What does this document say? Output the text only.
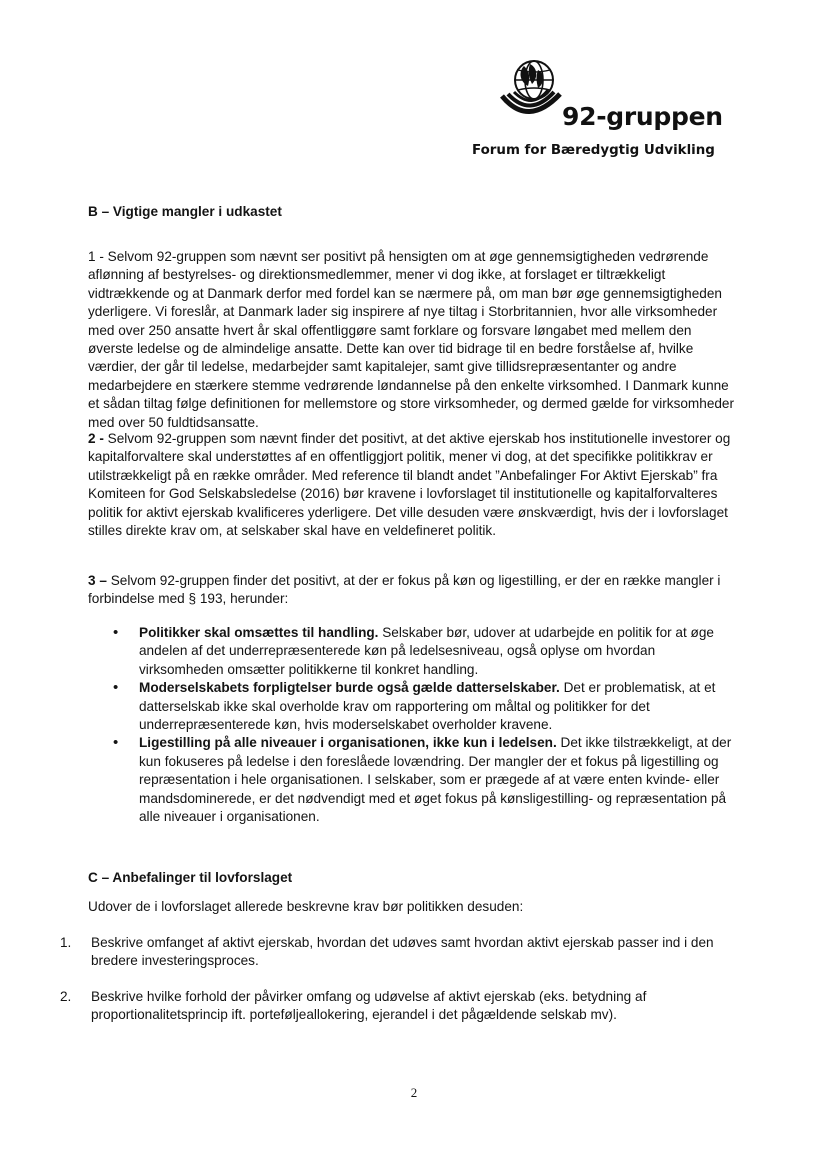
92-gruppen
Forum for Bæredygtig Udvikling
B – Vigtige mangler i udkastet

1 - Selvom 92-gruppen som nævnt ser positivt på hensigten om at øge gennemsigtigheden vedrørende aflønning af bestyrelses- og direktionsmedlemmer, mener vi dog ikke, at forslaget er tiltrækkeligt vidtrækkende og at Danmark derfor med fordel kan se nærmere på, om man bør øge gennemsigtigheden yderligere. Vi foreslår, at Danmark lader sig inspirere af nye tiltag i Storbritannien, hvor alle virksomheder med over 250 ansatte hvert år skal offentliggøre samt forklare og forsvare løngabet med mellem den øverste ledelse og de almindelige ansatte. Dette kan over tid bidrage til en bedre forståelse af, hvilke værdier, der går til ledelse, medarbejder samt kapitalejer, samt give tillidsrepræsentanter og andre medarbejdere en stærkere stemme vedrørende løndannelse på den enkelte virksomhed. I Danmark kunne et sådan tiltag følge definitionen for mellemstore og store virksomheder, og dermed gælde for virksomheder med over 50 fuldtidsansatte.

2 - Selvom 92-gruppen som nævnt finder det positivt, at det aktive ejerskab hos institutionelle investorer og kapitalforvaltere skal understøttes af en offentliggjort politik, mener vi dog, at det specifikke politikkrav er utilstrækkeligt på en række områder. Med reference til blandt andet ”Anbefalinger For Aktivt Ejerskab” fra Komiteen for God Selskabsledelse (2016) bør kravene i lovforslaget til institutionelle og kapitalforvalteres politik for aktivt ejerskab kvalificeres yderligere. Det ville desuden være ønskværdigt, hvis der i lovforslaget stilles direkte krav om, at selskaber skal have en veldefineret politik.

3 – Selvom 92-gruppen finder det positivt, at der er fokus på køn og ligestilling, er der en række mangler i forbindelse med § 193, herunder:

• Politikker skal omsættes til handling. Selskaber bør, udover at udarbejde en politik for at øge andelen af det underrepræsenterede køn på ledelsesniveau, også oplyse om hvordan virksomheden omsætter politikkerne til konkret handling.
• Moderselskabets forpligtelser burde også gælde datterselskaber. Det er problematisk, at et datterselskab ikke skal overholde krav om rapportering om måltal og politikker for det underrepræsenterede køn, hvis moderselskabet overholder kravene.
• Ligestilling på alle niveauer i organisationen, ikke kun i ledelsen. Det ikke tilstrækkeligt, at der kun fokuseres på ledelse i den foreslåede lovændring. Der mangler der et fokus på ligestilling og repræsentation i hele organisationen. I selskaber, som er prægede af at være enten kvinde- eller mandsdominerede, er det nødvendigt med et øget fokus på kønsligestilling- og repræsentation på alle niveauer i organisationen.
C – Anbefalinger til lovforslaget

Udover de i lovforslaget allerede beskrevne krav bør politikken desuden:

1. Beskrive omfanget af aktivt ejerskab, hvordan det udøves samt hvordan aktivt ejerskab passer ind i den bredere investeringsproces.
2. Beskrive hvilke forhold der påvirker omfang og udøvelse af aktivt ejerskab (eks. betydning af proportionalitetsprincip ift. porteføljeallokering, ejerandel i det pågældende selskab mv).
2
